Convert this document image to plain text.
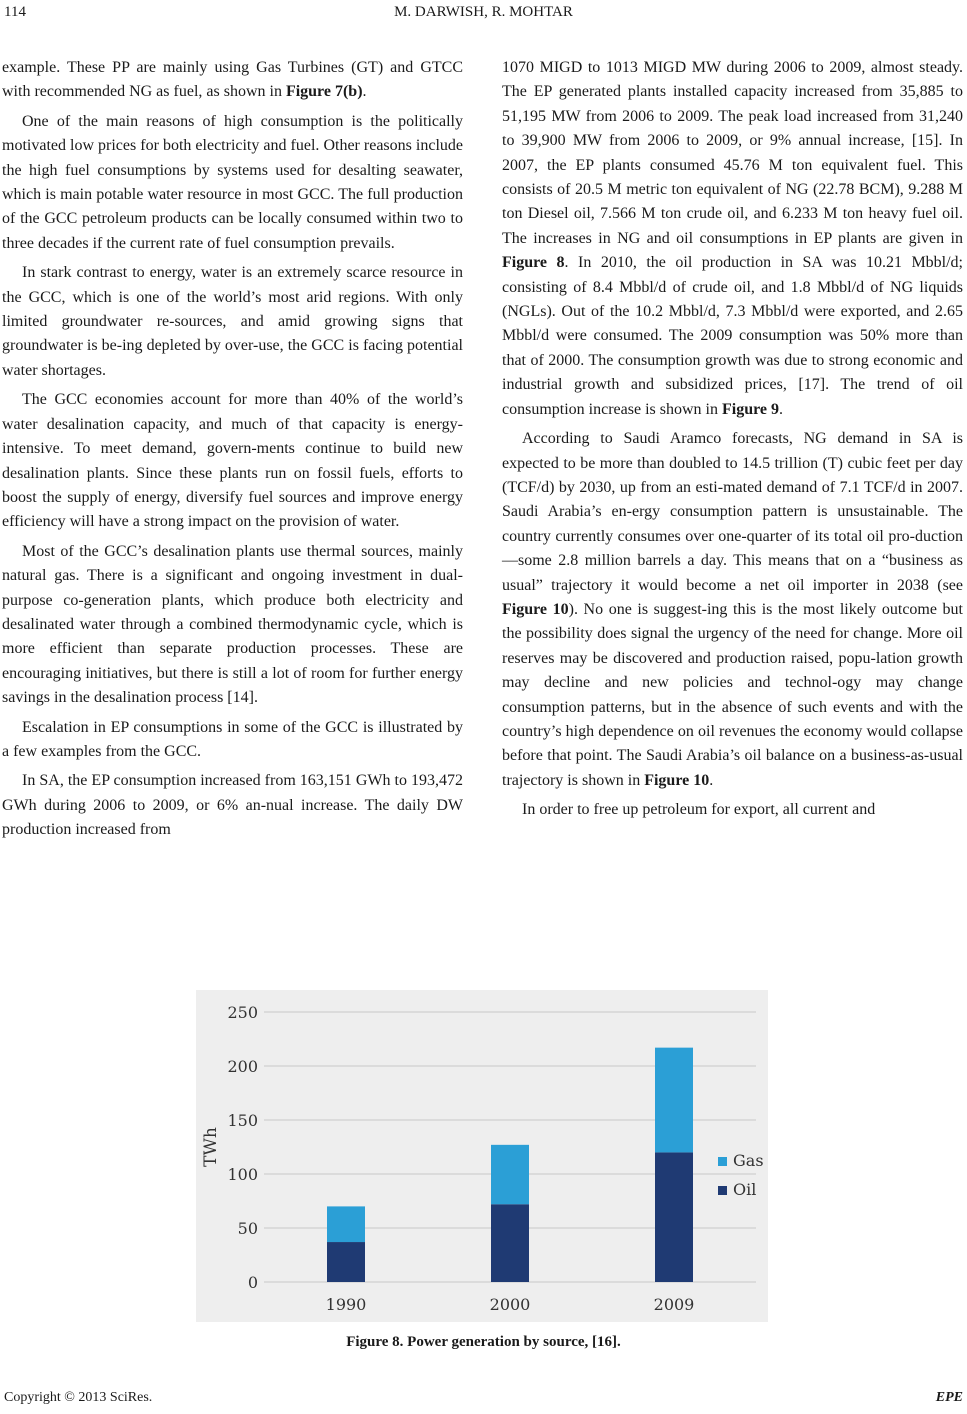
114	M. DARWISH, R. MOHTAR

example. These PP are mainly using Gas Turbines (GT) and GTCC with recommended NG as fuel, as shown in Figure 7(b).

One of the main reasons of high consumption is the politically motivated low prices for both electricity and fuel. Other reasons include the high fuel consumptions by systems used for desalting seawater, which is main potable water resource in most GCC. The full production of the GCC petroleum products can be locally consumed within two to three decades if the current rate of fuel consumption prevails.

In stark contrast to energy, water is an extremely scarce resource in the GCC, which is one of the world’s most arid regions. With only limited groundwater re-sources, and amid growing signs that groundwater is be-ing depleted by over-use, the GCC is facing potential water shortages.

The GCC economies account for more than 40% of the world’s water desalination capacity, and much of that capacity is energy-intensive. To meet demand, govern-ments continue to build new desalination plants. Since these plants run on fossil fuels, efforts to boost the supply of energy, diversify fuel sources and improve energy efficiency will have a strong impact on the provision of water.

Most of the GCC’s desalination plants use thermal sources, mainly natural gas. There is a significant and ongoing investment in dual-purpose co-generation plants, which produce both electricity and desalinated water through a combined thermodynamic cycle, which is more efficient than separate production processes. These are encouraging initiatives, but there is still a lot of room for further energy savings in the desalination process [14].

Escalation in EP consumptions in some of the GCC is illustrated by a few examples from the GCC.

In SA, the EP consumption increased from 163,151 GWh to 193,472 GWh during 2006 to 2009, or 6% an-nual increase. The daily DW production increased from

1070 MIGD to 1013 MIGD MW during 2006 to 2009, almost steady. The EP generated plants installed capacity increased from 35,885 to 51,195 MW from 2006 to 2009. The peak load increased from 31,240 to 39,900 MW from 2006 to 2009, or 9% annual increase, [15]. In 2007, the EP plants consumed 45.76 M ton equivalent fuel. This consists of 20.5 M metric ton equivalent of NG (22.78 BCM), 9.288 M ton Diesel oil, 7.566 M ton crude oil, and 6.233 M ton heavy fuel oil. The increases in NG and oil consumptions in EP plants are given in Figure 8. In 2010, the oil production in SA was 10.21 Mbbl/d; consisting of 8.4 Mbbl/d of crude oil, and 1.8 Mbbl/d of NG liquids (NGLs). Out of the 10.2 Mbbl/d, 7.3 Mbbl/d were exported, and 2.65 Mbbl/d were consumed. The 2009 consumption was 50% more than that of 2000. The consumption growth was due to strong economic and industrial growth and subsidized prices, [17]. The trend of oil consumption increase is shown in Figure 9.

According to Saudi Aramco forecasts, NG demand in SA is expected to be more than doubled to 14.5 trillion (T) cubic feet per day (TCF/d) by 2030, up from an esti-mated demand of 7.1 TCF/d in 2007. Saudi Arabia’s en-ergy consumption pattern is unsustainable. The country currently consumes over one-quarter of its total oil pro-duction—some 2.8 million barrels a day. This means that on a “business as usual” trajectory it would become a net oil importer in 2038 (see Figure 10). No one is suggest-ing this is the most likely outcome but the possibility does signal the urgency of the need for change. More oil reserves may be discovered and production raised, popu-lation growth may decline and new policies and technol-ogy may change consumption patterns, but in the absence of such events and with the country’s high dependence on oil revenues the economy would collapse before that point. The Saudi Arabia’s oil balance on a business-as-usual trajectory is shown in Figure 10.

In order to free up petroleum for export, all current and

0
50
100
150
200
250
TWh
1990	2000	2009
Gas
Oil
Figure 8. Power generation by source, [16].
Copyright © 2013 SciRes.	EPE
